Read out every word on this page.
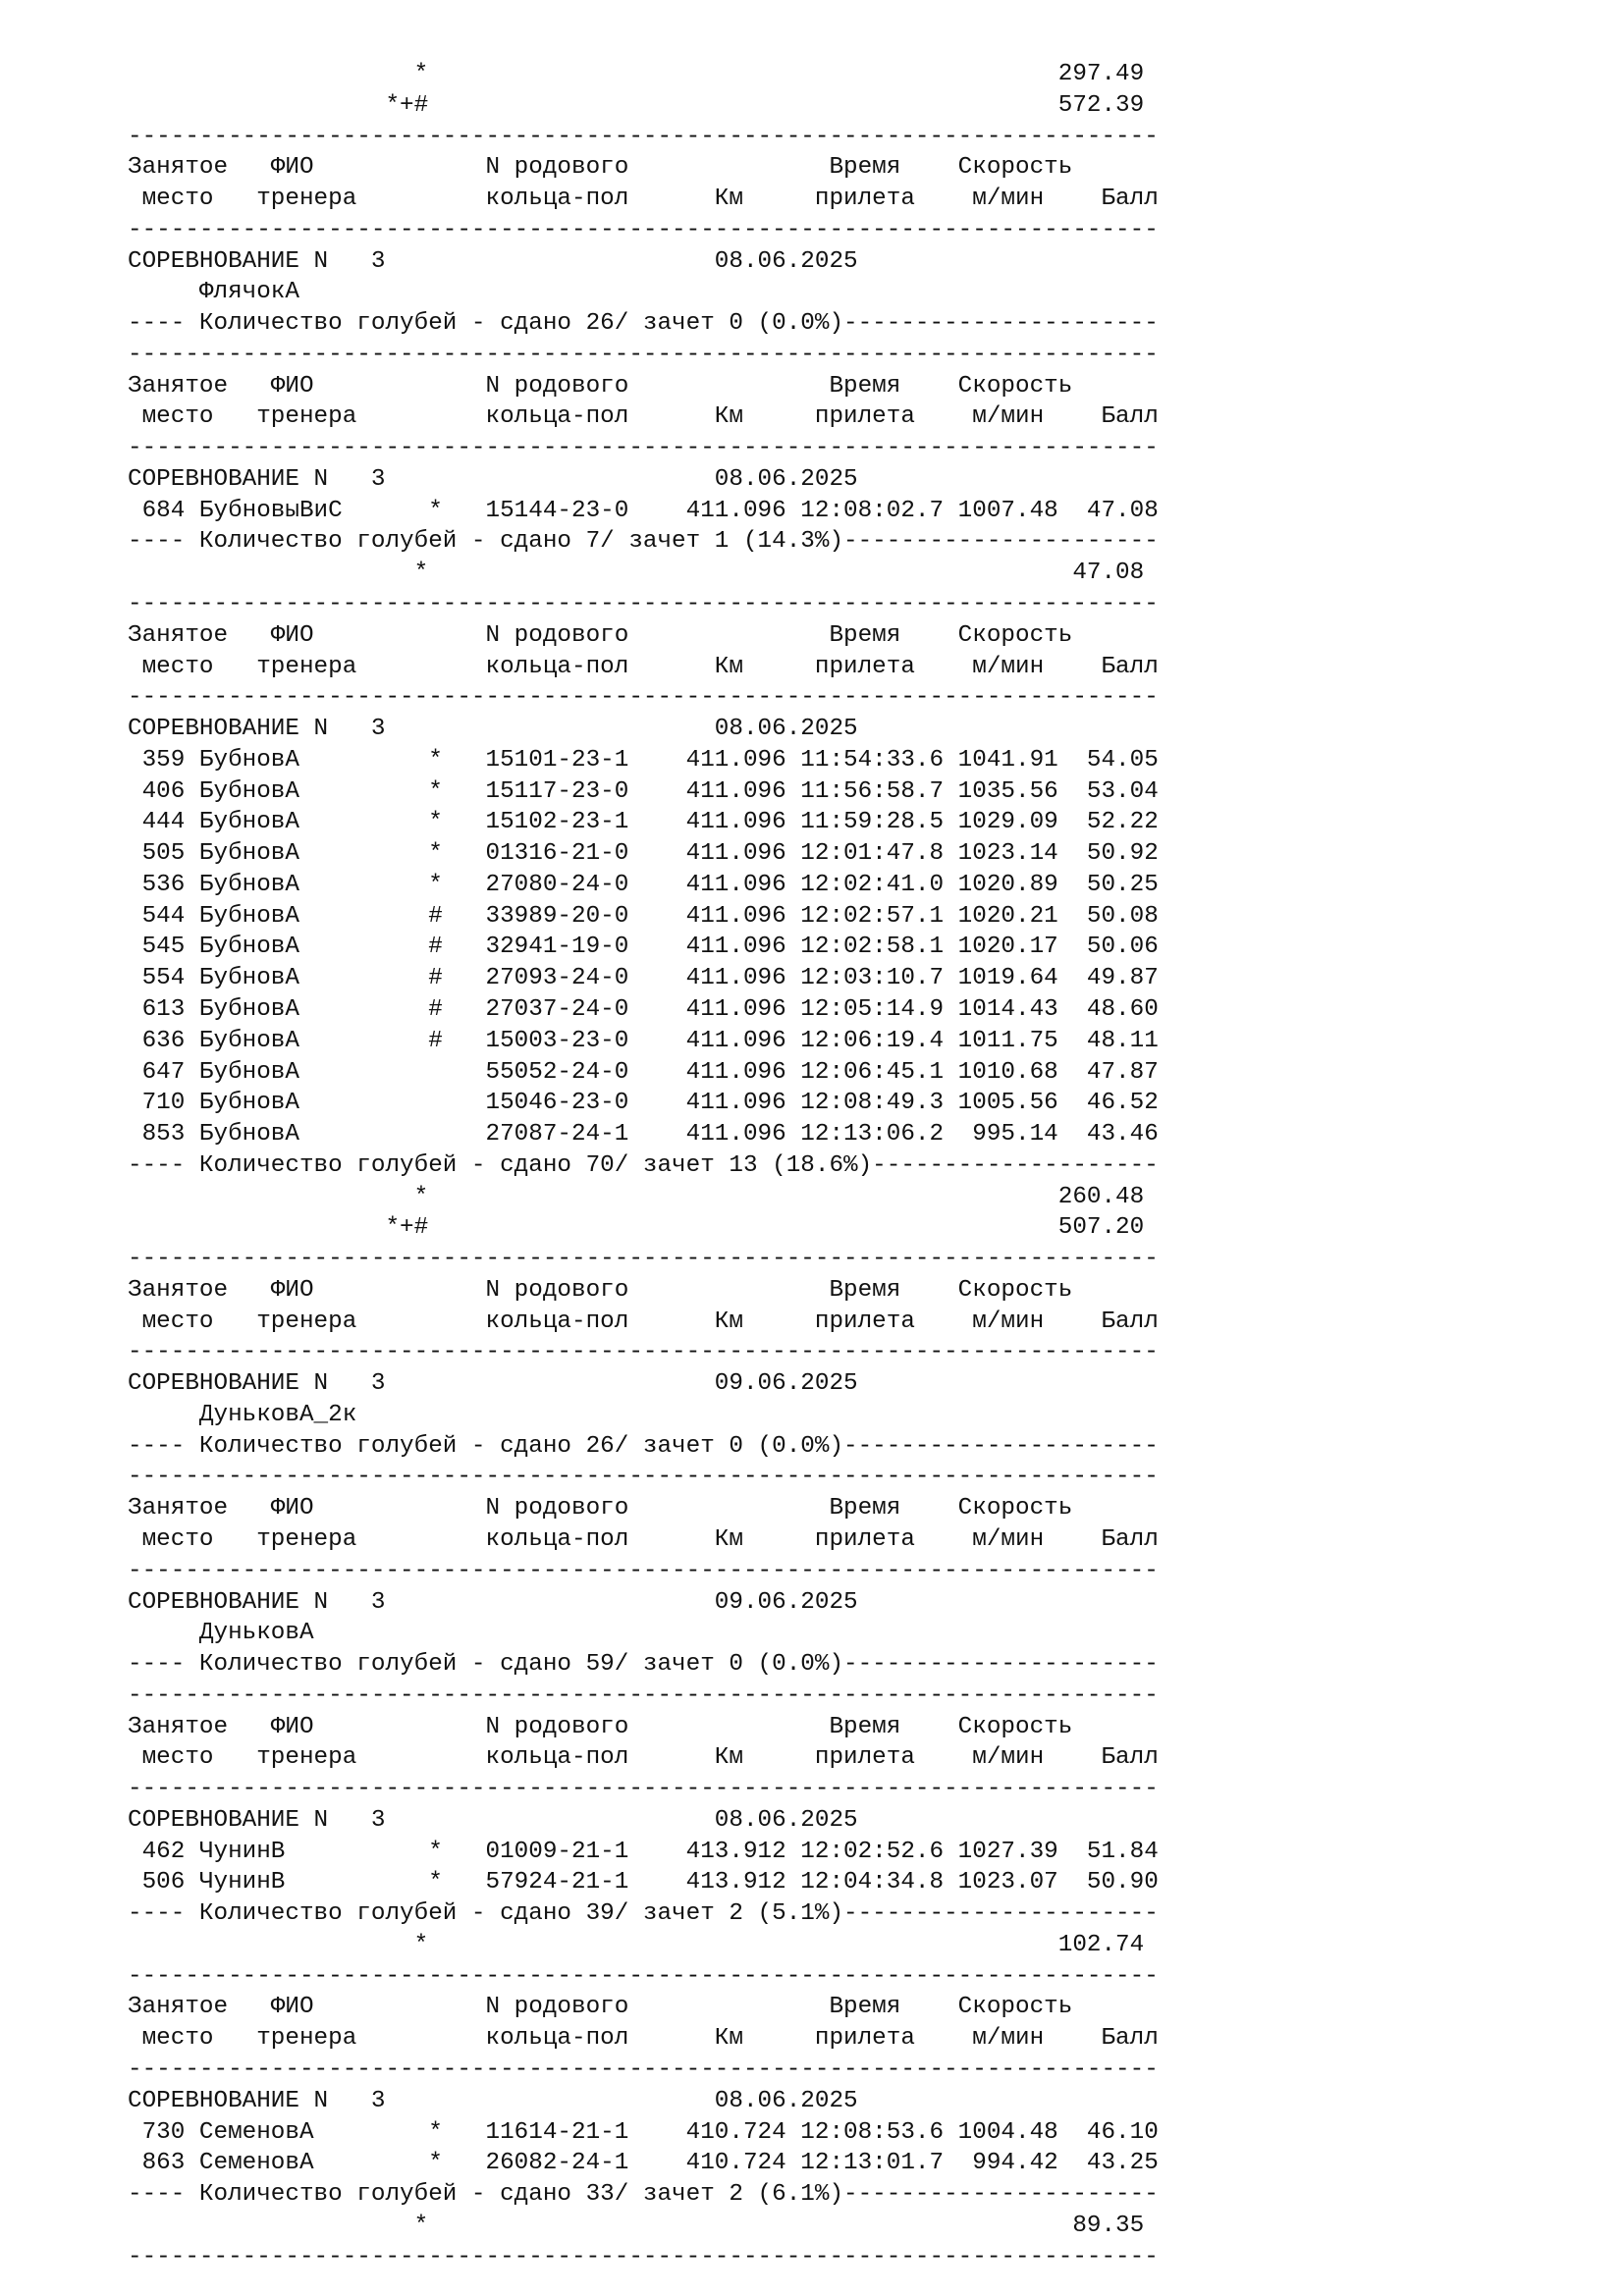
*                                            297.49
*+#                                            572.39
------------------------------------------------------------------------
Занятое   ФИО            N родового              Время    Скорость
место   тренера         кольца-пол      Км     прилета    м/мин    Балл
------------------------------------------------------------------------
СОРЕВНОВАНИЕ N   3                       08.06.2025
ФлячокА
---- Количество голубей - сдано 26/ зачет 0 (0.0%)----------------------
------------------------------------------------------------------------
Занятое   ФИО            N родового              Время    Скорость
место   тренера         кольца-пол      Км     прилета    м/мин    Балл
------------------------------------------------------------------------
СОРЕВНОВАНИЕ N   3                       08.06.2025
684 БубновыВиС      *   15144-23-0    411.096 12:08:02.7 1007.48  47.08
---- Количество голубей - сдано 7/ зачет 1 (14.3%)----------------------
*                                             47.08
------------------------------------------------------------------------
Занятое   ФИО            N родового              Время    Скорость
место   тренера         кольца-пол      Км     прилета    м/мин    Балл
------------------------------------------------------------------------
СОРЕВНОВАНИЕ N   3                       08.06.2025
359 БубновА         *   15101-23-1    411.096 11:54:33.6 1041.91  54.05
406 БубновА         *   15117-23-0    411.096 11:56:58.7 1035.56  53.04
444 БубновА         *   15102-23-1    411.096 11:59:28.5 1029.09  52.22
505 БубновА         *   01316-21-0    411.096 12:01:47.8 1023.14  50.92
536 БубновА         *   27080-24-0    411.096 12:02:41.0 1020.89  50.25
544 БубновА         #   33989-20-0    411.096 12:02:57.1 1020.21  50.08
545 БубновА         #   32941-19-0    411.096 12:02:58.1 1020.17  50.06
554 БубновА         #   27093-24-0    411.096 12:03:10.7 1019.64  49.87
613 БубновА         #   27037-24-0    411.096 12:05:14.9 1014.43  48.60
636 БубновА         #   15003-23-0    411.096 12:06:19.4 1011.75  48.11
647 БубновА             55052-24-0    411.096 12:06:45.1 1010.68  47.87
710 БубновА             15046-23-0    411.096 12:08:49.3 1005.56  46.52
853 БубновА             27087-24-1    411.096 12:13:06.2  995.14  43.46
---- Количество голубей - сдано 70/ зачет 13 (18.6%)--------------------
*                                            260.48
*+#                                            507.20
------------------------------------------------------------------------
Занятое   ФИО            N родового              Время    Скорость
место   тренера         кольца-пол      Км     прилета    м/мин    Балл
------------------------------------------------------------------------
СОРЕВНОВАНИЕ N   3                       09.06.2025
ДуньковА_2к
---- Количество голубей - сдано 26/ зачет 0 (0.0%)----------------------
------------------------------------------------------------------------
Занятое   ФИО            N родового              Время    Скорость
место   тренера         кольца-пол      Км     прилета    м/мин    Балл
------------------------------------------------------------------------
СОРЕВНОВАНИЕ N   3                       09.06.2025
ДуньковА
---- Количество голубей - сдано 59/ зачет 0 (0.0%)----------------------
------------------------------------------------------------------------
Занятое   ФИО            N родового              Время    Скорость
место   тренера         кольца-пол      Км     прилета    м/мин    Балл
------------------------------------------------------------------------
СОРЕВНОВАНИЕ N   3                       08.06.2025
462 ЧунинВ          *   01009-21-1    413.912 12:02:52.6 1027.39  51.84
506 ЧунинВ          *   57924-21-1    413.912 12:04:34.8 1023.07  50.90
---- Количество голубей - сдано 39/ зачет 2 (5.1%)----------------------
*                                            102.74
------------------------------------------------------------------------
Занятое   ФИО            N родового              Время    Скорость
место   тренера         кольца-пол      Км     прилета    м/мин    Балл
------------------------------------------------------------------------
СОРЕВНОВАНИЕ N   3                       08.06.2025
730 СеменовА        *   11614-21-1    410.724 12:08:53.6 1004.48  46.10
863 СеменовА        *   26082-24-1    410.724 12:13:01.7  994.42  43.25
---- Количество голубей - сдано 33/ зачет 2 (6.1%)----------------------
*                                             89.35
------------------------------------------------------------------------
